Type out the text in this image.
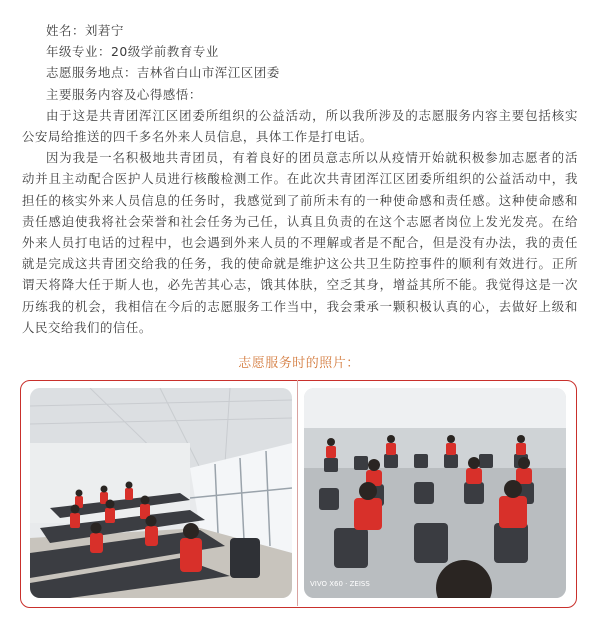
姓名：刘莙宁

年级专业：20级学前教育专业

志愿服务地点：吉林省白山市浑江区团委

主要服务内容及心得感悟：

由于这是共青团浑江区团委所组织的公益活动，所以我所涉及的志愿服务内容主要包括核实公安局给推送的四千多名外来人员信息，具体工作是打电话。

因为我是一名积极地共青团员，有着良好的团员意志所以从疫情开始就积极参加志愿者的活动并且主动配合医护人员进行核酸检测工作。在此次共青团浑江区团委所组织的公益活动中，我担任的核实外来人员信息的任务时，我感觉到了前所未有的一种使命感和责任感。这种使命感和责任感迫使我将社会荣誉和社会任务为己任，认真且负责的在这个志愿者岗位上发光发亮。在给外来人员打电话的过程中，也会遇到外来人员的不理解或者是不配合，但是没有办法，我的责任就是完成这共青团交给我的任务，我的使命就是维护这公共卫生防控事件的顺利有效进行。正所谓天将降大任于斯人也，必先苦其心志，饿其体肤，空乏其身，增益其所不能。我觉得这是一次历练我的机会，我相信在今后的志愿服务工作当中，我会秉承一颗积极认真的心，去做好上级和人民交给我们的信任。

志愿服务时的照片：
VIVO X60 · ZEISS
